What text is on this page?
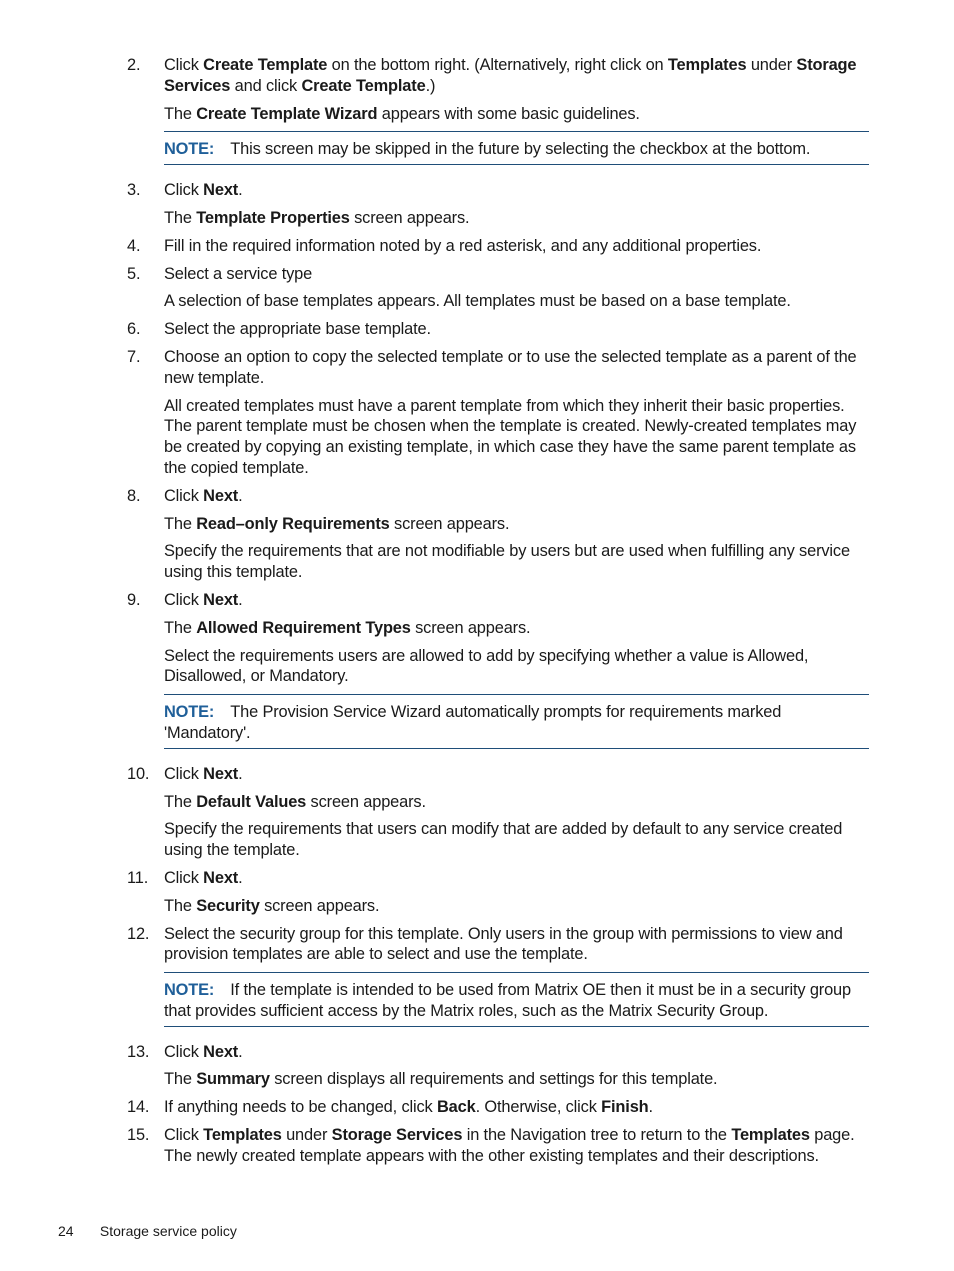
2.	Click Create Template on the bottom right. (Alternatively, right click on Templates under Storage Services and click Create Template.)
The Create Template Wizard appears with some basic guidelines.
NOTE: This screen may be skipped in the future by selecting the checkbox at the bottom.
3.	Click Next.
The Template Properties screen appears.
4.	Fill in the required information noted by a red asterisk, and any additional properties.
5.	Select a service type
A selection of base templates appears. All templates must be based on a base template.
6.	Select the appropriate base template.
7.	Choose an option to copy the selected template or to use the selected template as a parent of the new template.
All created templates must have a parent template from which they inherit their basic properties. The parent template must be chosen when the template is created. Newly-created templates may be created by copying an existing template, in which case they have the same parent template as the copied template.
8.	Click Next.
The Read–only Requirements screen appears.
Specify the requirements that are not modifiable by users but are used when fulfilling any service using this template.
9.	Click Next.
The Allowed Requirement Types screen appears.
Select the requirements users are allowed to add by specifying whether a value is Allowed, Disallowed, or Mandatory.
NOTE: The Provision Service Wizard automatically prompts for requirements marked 'Mandatory'.
10. Click Next.
The Default Values screen appears.
Specify the requirements that users can modify that are added by default to any service created using the template.
11. Click Next.
The Security screen appears.
12. Select the security group for this template. Only users in the group with permissions to view and provision templates are able to select and use the template.
NOTE: If the template is intended to be used from Matrix OE then it must be in a security group that provides sufficient access by the Matrix roles, such as the Matrix Security Group.
13. Click Next.
The Summary screen displays all requirements and settings for this template.
14. If anything needs to be changed, click Back. Otherwise, click Finish.
15. Click Templates under Storage Services in the Navigation tree to return to the Templates page. The newly created template appears with the other existing templates and their descriptions.
24 Storage service policy
